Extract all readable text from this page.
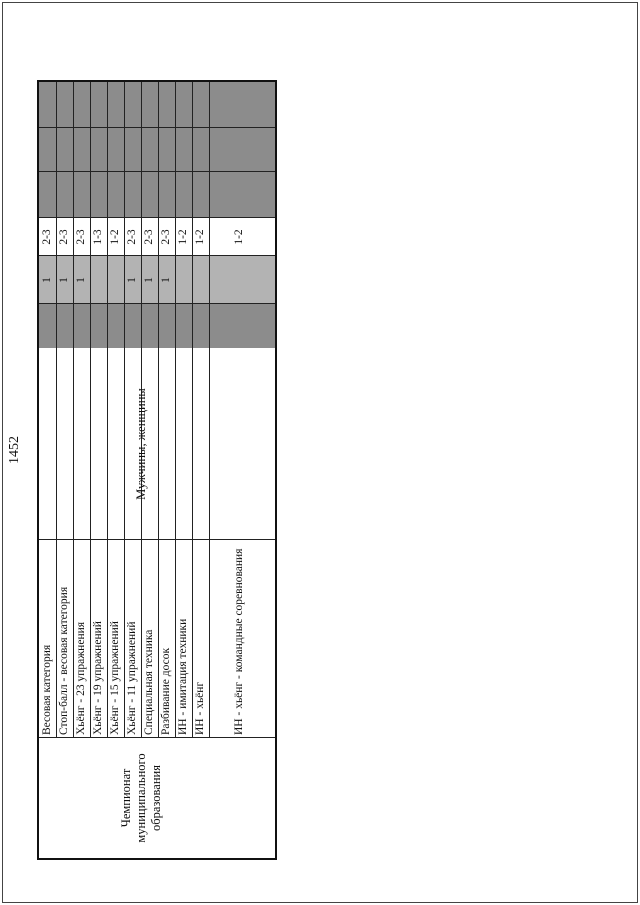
1452
Чемпионат муниципального образования
Весовая категория Стоп-балл - весовая категория Хьёнг - 23 упражнения Хьёнг - 19 упражнений Хьёнг - 15 упражнений Хьёнг - 11 упражнений Специальная техника Разбивание досок ИН - имитация техники ИН - хьёнг ИН - хьёнг - командные соревнования
Мужчины, женщины
1 1 1	1 1 1
2-3 2-3 2-3 1-3 1-2 2-3 2-3 2-3 1-2 1-2 1-2
